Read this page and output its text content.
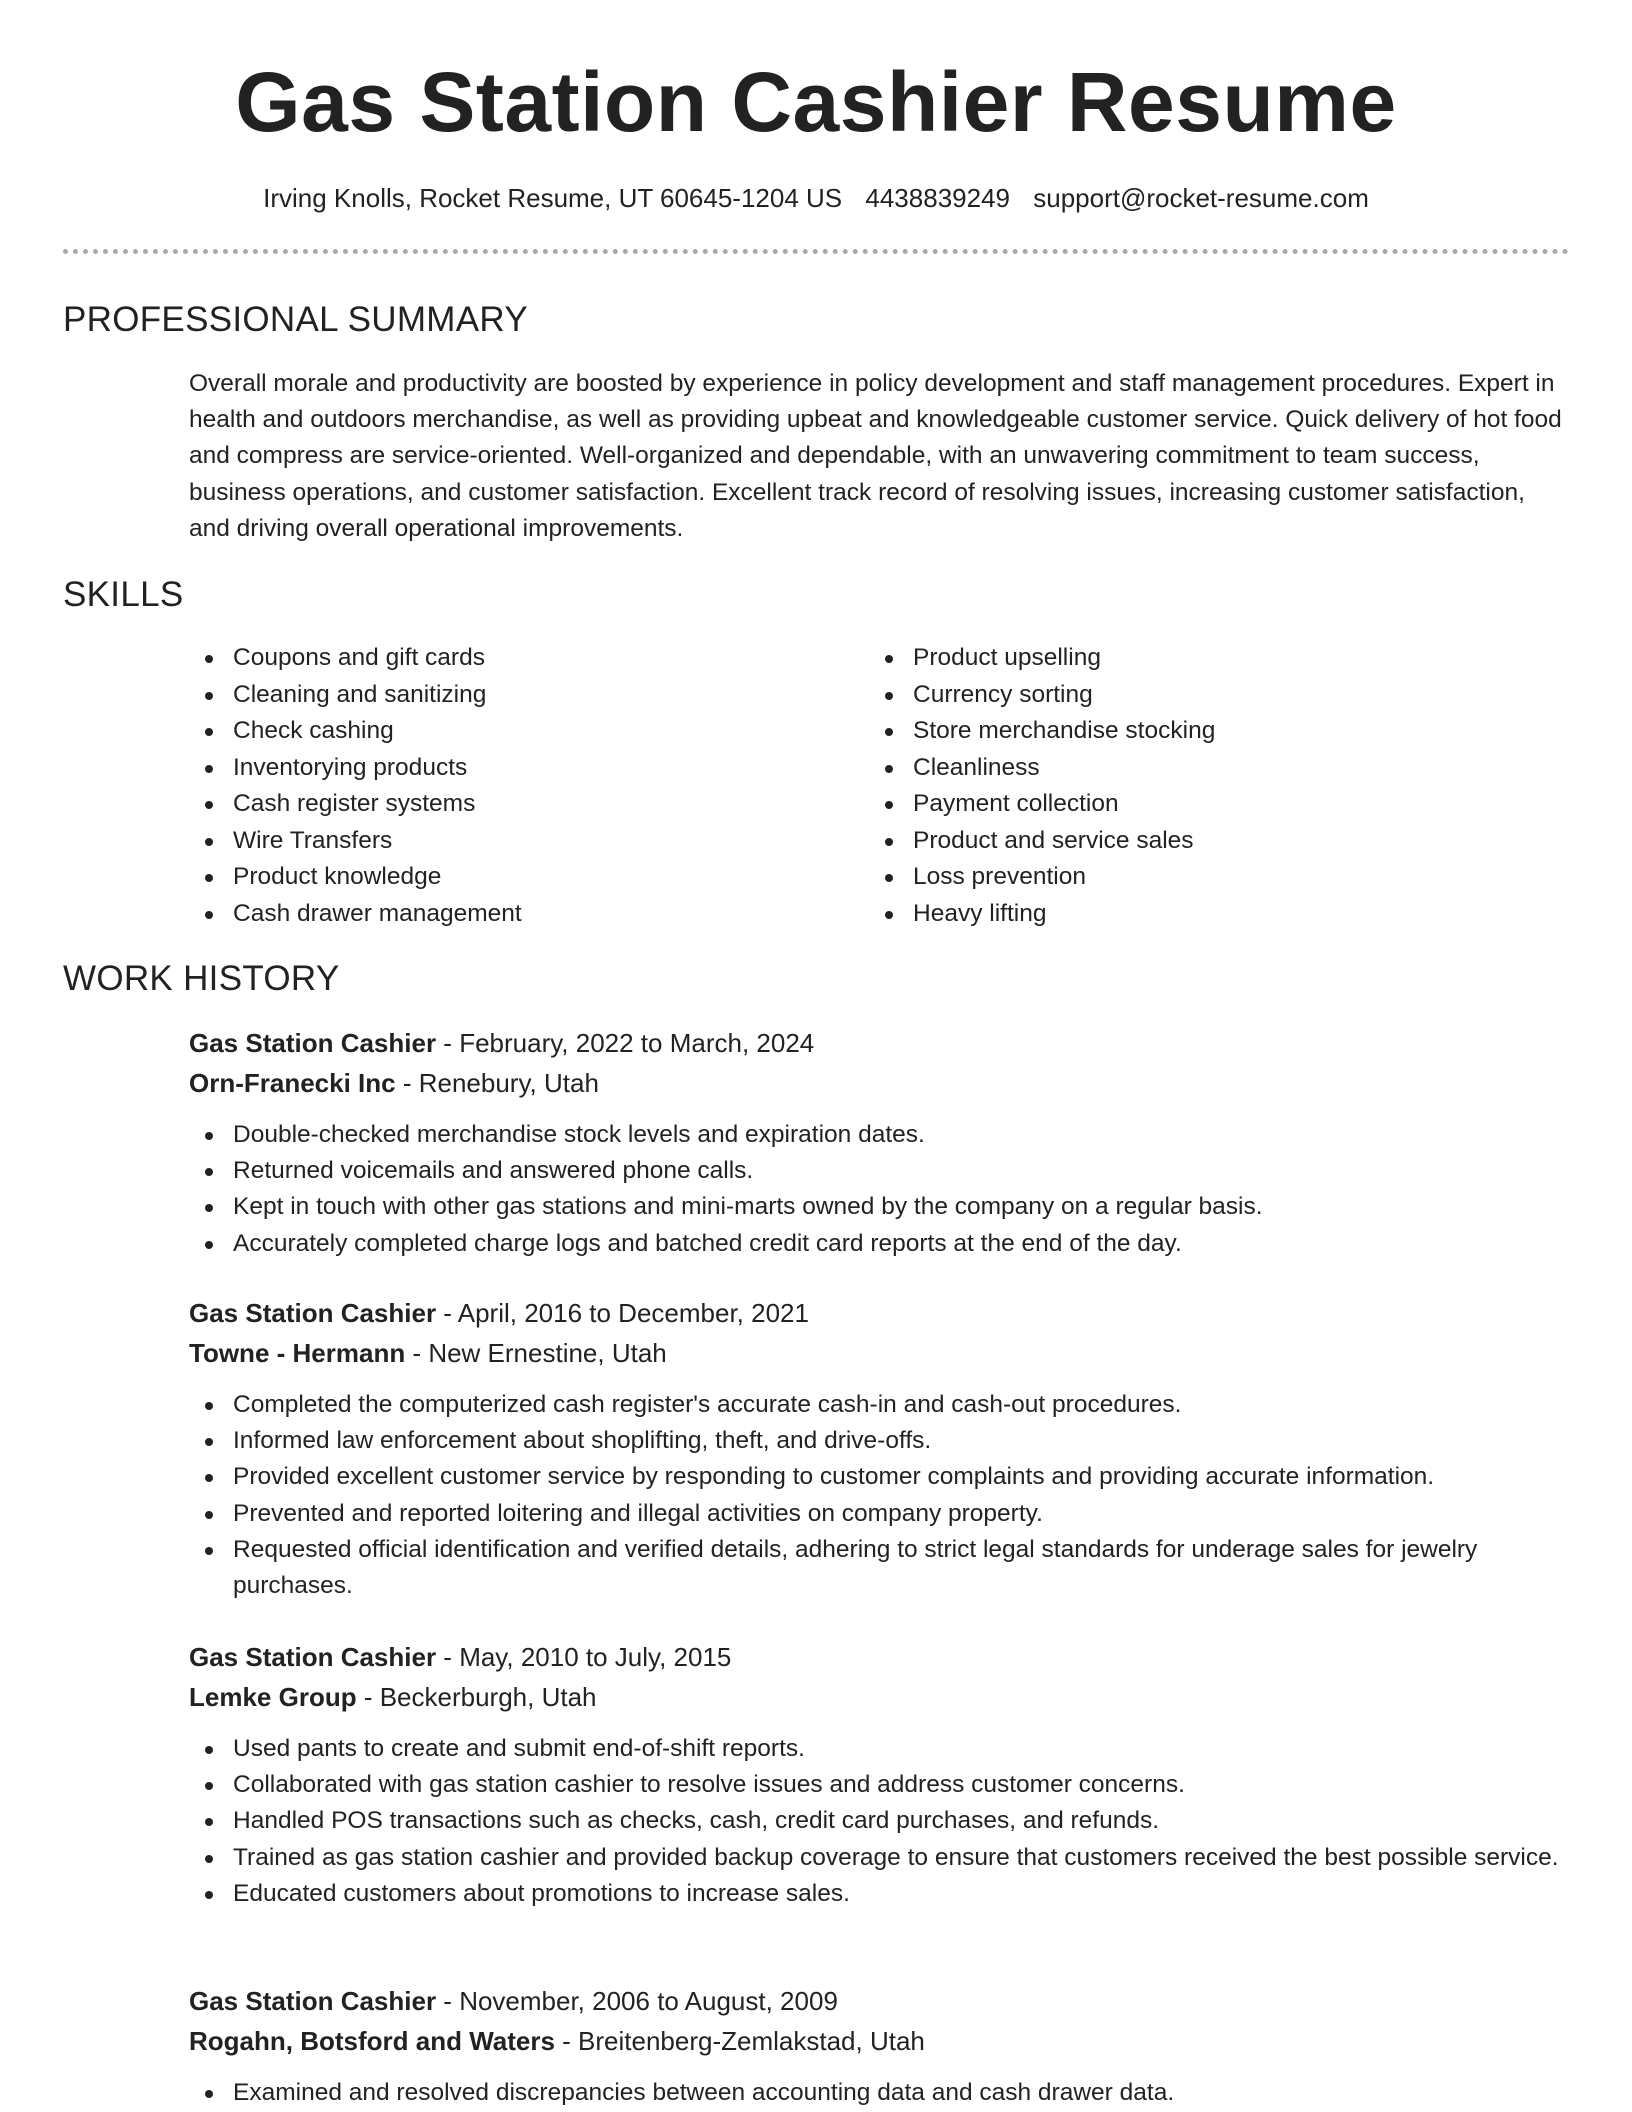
Gas Station Cashier Resume
Irving Knolls, Rocket Resume, UT 60645-1204 US 4438839249 support@rocket-resume.com
PROFESSIONAL SUMMARY

Overall morale and productivity are boosted by experience in policy development and staff management procedures. Expert in health and outdoors merchandise, as well as providing upbeat and knowledgeable customer service. Quick delivery of hot food and compress are service-oriented. Well-organized and dependable, with an unwavering commitment to team success, business operations, and customer satisfaction. Excellent track record of resolving issues, increasing customer satisfaction, and driving overall operational improvements.

SKILLS
Coupons and gift cards
Cleaning and sanitizing
Check cashing
Inventorying products
Cash register systems
Wire Transfers
Product knowledge
Cash drawer management
Product upselling
Currency sorting
Store merchandise stocking
Cleanliness
Payment collection
Product and service sales
Loss prevention
Heavy lifting
WORK HISTORY
Gas Station Cashier - February, 2022 to March, 2024
Orn-Franecki Inc - Renebury, Utah
Double-checked merchandise stock levels and expiration dates.
Returned voicemails and answered phone calls.
Kept in touch with other gas stations and mini-marts owned by the company on a regular basis.
Accurately completed charge logs and batched credit card reports at the end of the day.
Gas Station Cashier - April, 2016 to December, 2021
Towne - Hermann - New Ernestine, Utah
Completed the computerized cash register's accurate cash-in and cash-out procedures.
Informed law enforcement about shoplifting, theft, and drive-offs.
Provided excellent customer service by responding to customer complaints and providing accurate information.
Prevented and reported loitering and illegal activities on company property.
Requested official identification and verified details, adhering to strict legal standards for underage sales for jewelry purchases.
Gas Station Cashier - May, 2010 to July, 2015
Lemke Group - Beckerburgh, Utah
Used pants to create and submit end-of-shift reports.
Collaborated with gas station cashier to resolve issues and address customer concerns.
Handled POS transactions such as checks, cash, credit card purchases, and refunds.
Trained as gas station cashier and provided backup coverage to ensure that customers received the best possible service.
Educated customers about promotions to increase sales.
Gas Station Cashier - November, 2006 to August, 2009
Rogahn, Botsford and Waters - Breitenberg-Zemlakstad, Utah
Examined and resolved discrepancies between accounting data and cash drawer data.
